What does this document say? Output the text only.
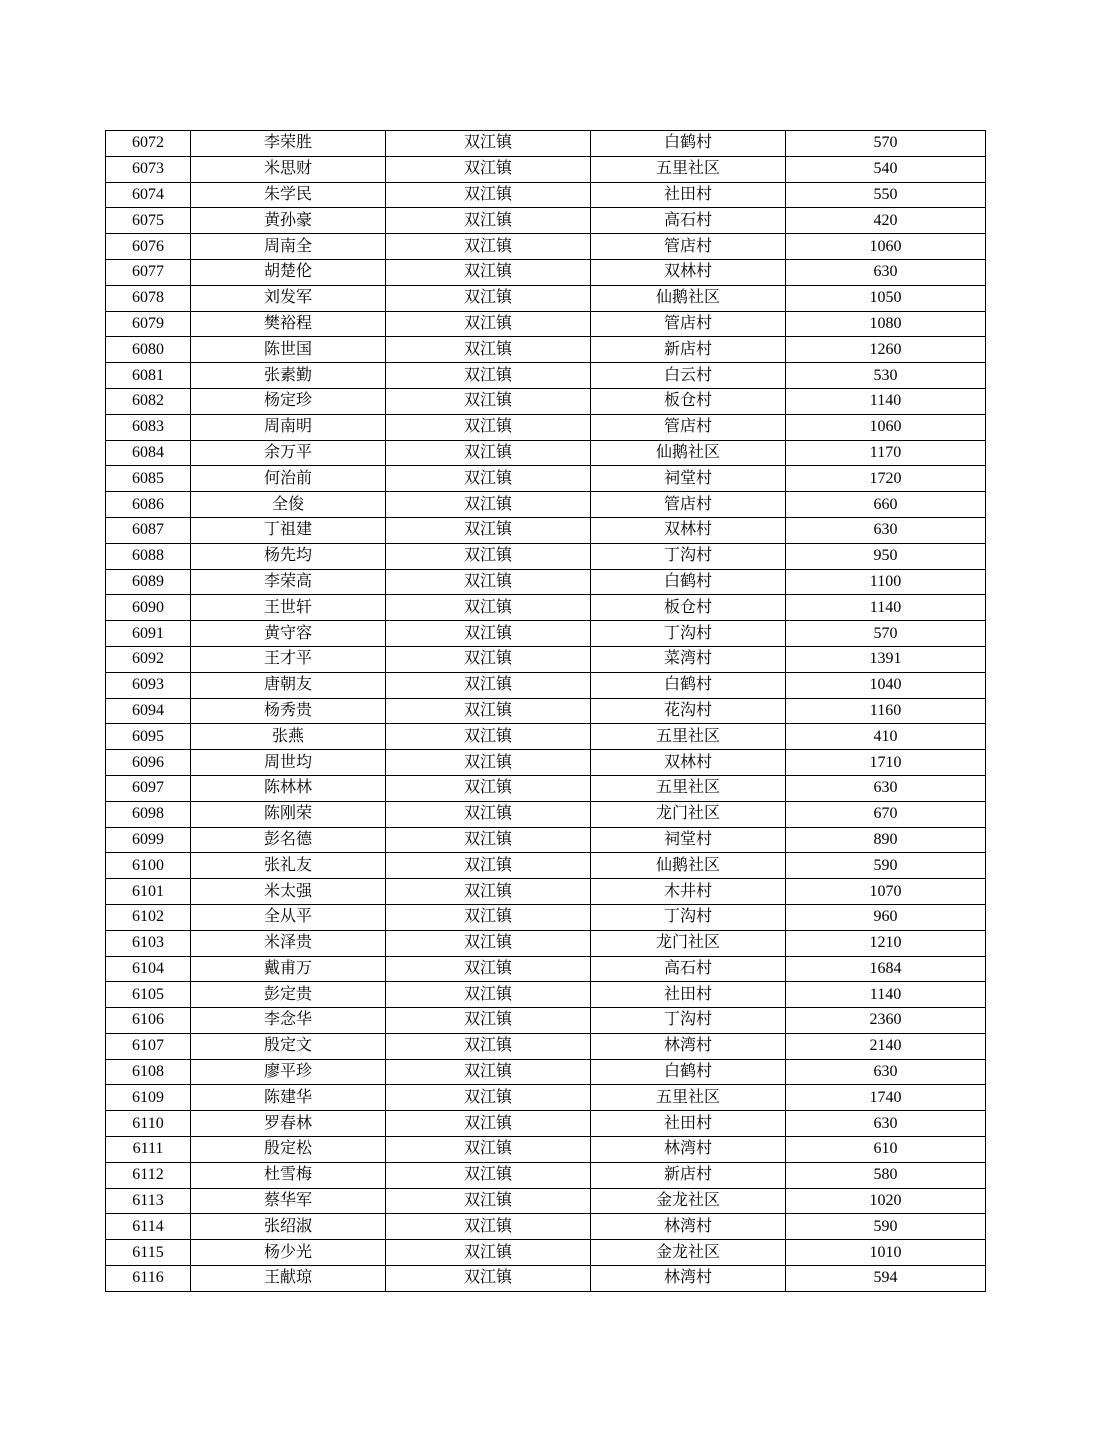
6072	李荣胜	双江镇	白鹤村	570
6073	米思财	双江镇	五里社区	540
6074	朱学民	双江镇	社田村	550
6075	黄孙豪	双江镇	高石村	420
6076	周南全	双江镇	管店村	1060
6077	胡楚伦	双江镇	双林村	630
6078	刘发军	双江镇	仙鹅社区	1050
6079	樊裕程	双江镇	管店村	1080
6080	陈世国	双江镇	新店村	1260
6081	张素勤	双江镇	白云村	530
6082	杨定珍	双江镇	板仓村	1140
6083	周南明	双江镇	管店村	1060
6084	余万平	双江镇	仙鹅社区	1170
6085	何治前	双江镇	祠堂村	1720
6086	全俊	双江镇	管店村	660
6087	丁祖建	双江镇	双林村	630
6088	杨先均	双江镇	丁沟村	950
6089	李荣高	双江镇	白鹤村	1100
6090	王世轩	双江镇	板仓村	1140
6091	黄守容	双江镇	丁沟村	570
6092	王才平	双江镇	菜湾村	1391
6093	唐朝友	双江镇	白鹤村	1040
6094	杨秀贵	双江镇	花沟村	1160
6095	张燕	双江镇	五里社区	410
6096	周世均	双江镇	双林村	1710
6097	陈林林	双江镇	五里社区	630
6098	陈刚荣	双江镇	龙门社区	670
6099	彭名德	双江镇	祠堂村	890
6100	张礼友	双江镇	仙鹅社区	590
6101	米太强	双江镇	木井村	1070
6102	全从平	双江镇	丁沟村	960
6103	米泽贵	双江镇	龙门社区	1210
6104	戴甫万	双江镇	高石村	1684
6105	彭定贵	双江镇	社田村	1140
6106	李念华	双江镇	丁沟村	2360
6107	殷定文	双江镇	林湾村	2140
6108	廖平珍	双江镇	白鹤村	630
6109	陈建华	双江镇	五里社区	1740
6110	罗春林	双江镇	社田村	630
6111	殷定松	双江镇	林湾村	610
6112	杜雪梅	双江镇	新店村	580
6113	蔡华军	双江镇	金龙社区	1020
6114	张绍淑	双江镇	林湾村	590
6115	杨少光	双江镇	金龙社区	1010
6116	王献琼	双江镇	林湾村	594
